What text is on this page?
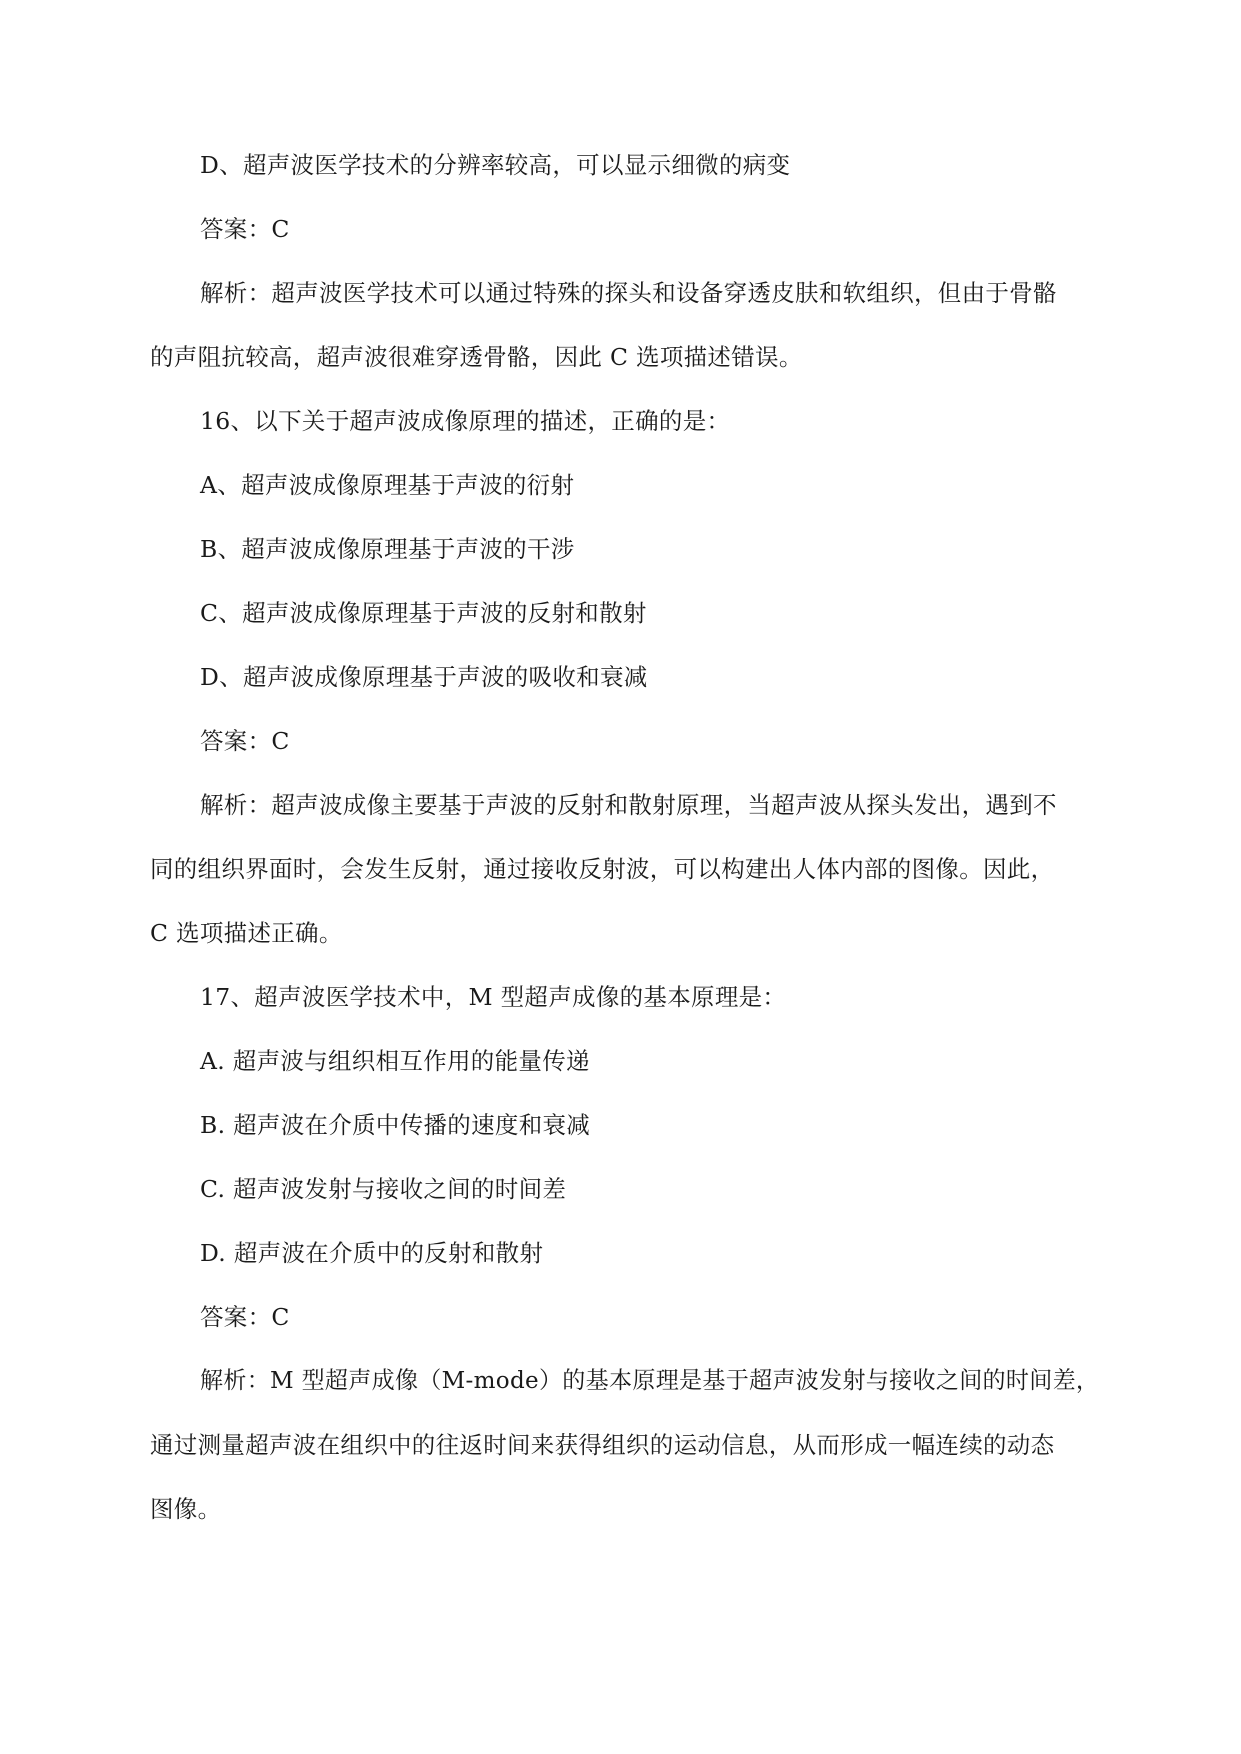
D、超声波医学技术的分辨率较高，可以显示细微的病变
答案：C
解析：超声波医学技术可以通过特殊的探头和设备穿透皮肤和软组织，但由于骨骼
的声阻抗较高，超声波很难穿透骨骼，因此 C 选项描述错误。
16、以下关于超声波成像原理的描述，正确的是：
A、超声波成像原理基于声波的衍射
B、超声波成像原理基于声波的干涉
C、超声波成像原理基于声波的反射和散射
D、超声波成像原理基于声波的吸收和衰减
答案：C
解析：超声波成像主要基于声波的反射和散射原理，当超声波从探头发出，遇到不
同的组织界面时，会发生反射，通过接收反射波，可以构建出人体内部的图像。因此，
C 选项描述正确。
17、超声波医学技术中，M 型超声成像的基本原理是：
A. 超声波与组织相互作用的能量传递
B. 超声波在介质中传播的速度和衰减
C. 超声波发射与接收之间的时间差
D. 超声波在介质中的反射和散射
答案：C
解析：M 型超声成像（M-mode）的基本原理是基于超声波发射与接收之间的时间差，
通过测量超声波在组织中的往返时间来获得组织的运动信息，从而形成一幅连续的动态
图像。
